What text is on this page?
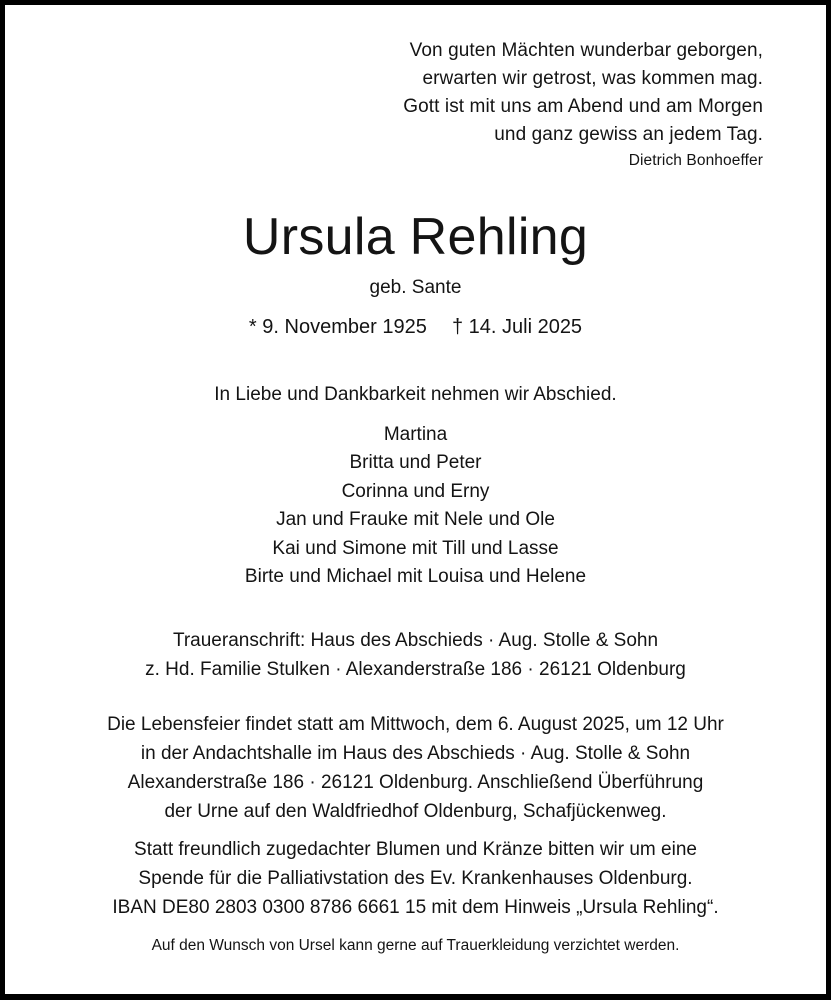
Von guten Mächten wunderbar geborgen,
erwarten wir getrost, was kommen mag.
Gott ist mit uns am Abend und am Morgen
und ganz gewiss an jedem Tag.
Dietrich Bonhoeffer
Ursula Rehling
geb. Sante
* 9. November 1925 † 14. Juli 2025
In Liebe und Dankbarkeit nehmen wir Abschied.
Martina
Britta und Peter
Corinna und Erny
Jan und Frauke mit Nele und Ole
Kai und Simone mit Till und Lasse
Birte und Michael mit Louisa und Helene
Traueranschrift: Haus des Abschieds · Aug. Stolle & Sohn
z. Hd. Familie Stulken · Alexanderstraße 186 · 26121 Oldenburg
Die Lebensfeier findet statt am Mittwoch, dem 6. August 2025, um 12 Uhr
in der Andachtshalle im Haus des Abschieds · Aug. Stolle & Sohn
Alexanderstraße 186 · 26121 Oldenburg. Anschließend Überführung
der Urne auf den Waldfriedhof Oldenburg, Schafjückenweg.
Statt freundlich zugedachter Blumen und Kränze bitten wir um eine
Spende für die Palliativstation des Ev. Krankenhauses Oldenburg.
IBAN DE80 2803 0300 8786 6661 15 mit dem Hinweis „Ursula Rehling“.
Auf den Wunsch von Ursel kann gerne auf Trauerkleidung verzichtet werden.
